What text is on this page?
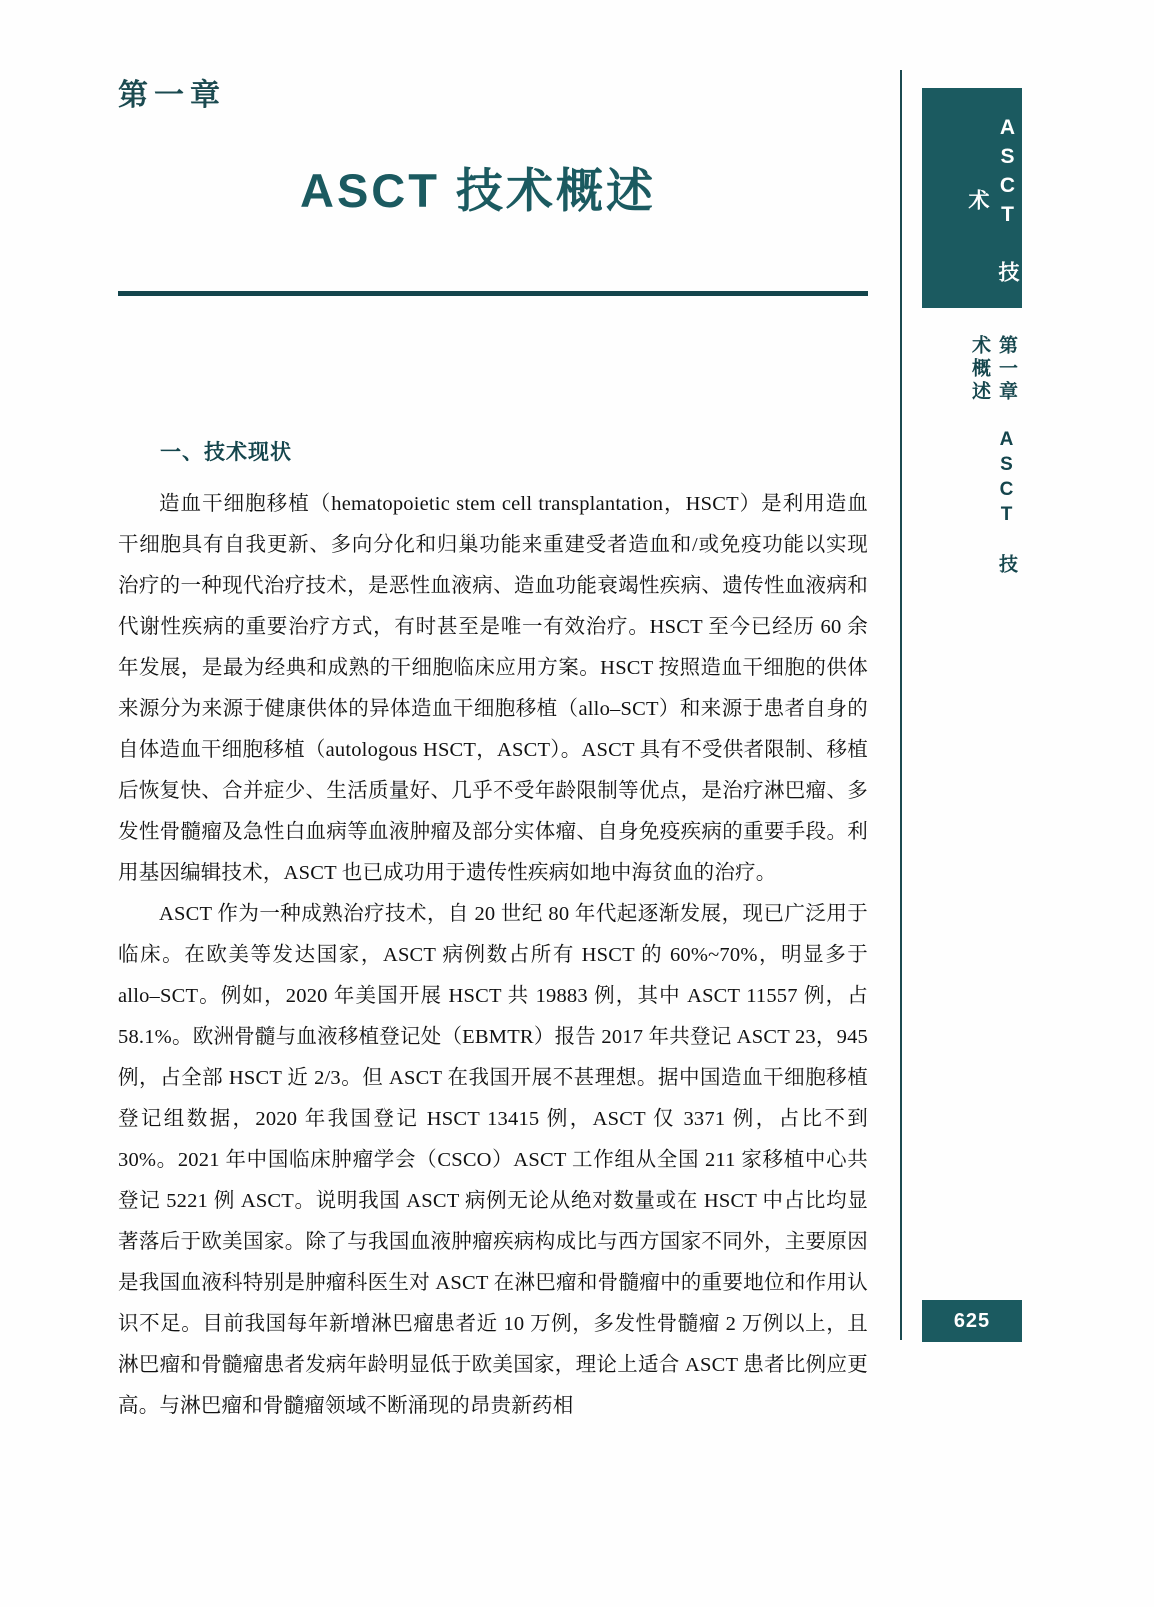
第一章
ASCT 技术概述
一、技术现状

造血干细胞移植（hematopoietic stem cell transplantation，HSCT）是利用造血干细胞具有自我更新、多向分化和归巢功能来重建受者造血和/或免疫功能以实现治疗的一种现代治疗技术，是恶性血液病、造血功能衰竭性疾病、遗传性血液病和代谢性疾病的重要治疗方式，有时甚至是唯一有效治疗。HSCT 至今已经历 60 余年发展，是最为经典和成熟的干细胞临床应用方案。HSCT 按照造血干细胞的供体来源分为来源于健康供体的异体造血干细胞移植（allo–SCT）和来源于患者自身的自体造血干细胞移植（autologous HSCT，ASCT）。ASCT 具有不受供者限制、移植后恢复快、合并症少、生活质量好、几乎不受年龄限制等优点，是治疗淋巴瘤、多发性骨髓瘤及急性白血病等血液肿瘤及部分实体瘤、自身免疫疾病的重要手段。利用基因编辑技术，ASCT 也已成功用于遗传性疾病如地中海贫血的治疗。

ASCT 作为一种成熟治疗技术，自 20 世纪 80 年代起逐渐发展，现已广泛用于临床。在欧美等发达国家，ASCT 病例数占所有 HSCT 的 60%~70%，明显多于 allo–SCT。例如，2020 年美国开展 HSCT 共 19883 例，其中 ASCT 11557 例，占 58.1%。欧洲骨髓与血液移植登记处（EBMTR）报告 2017 年共登记 ASCT 23，945 例，占全部 HSCT 近 2/3。但 ASCT 在我国开展不甚理想。据中国造血干细胞移植登记组数据，2020 年我国登记 HSCT 13415 例，ASCT 仅 3371 例，占比不到 30%。2021 年中国临床肿瘤学会（CSCO）ASCT 工作组从全国 211 家移植中心共登记 5221 例 ASCT。说明我国 ASCT 病例无论从绝对数量或在 HSCT 中占比均显著落后于欧美国家。除了与我国血液肿瘤疾病构成比与西方国家不同外，主要原因是我国血液科特别是肿瘤科医生对 ASCT 在淋巴瘤和骨髓瘤中的重要地位和作用认识不足。目前我国每年新增淋巴瘤患者近 10 万例，多发性骨髓瘤 2 万例以上，且淋巴瘤和骨髓瘤患者发病年龄明显低于欧美国家，理论上适合 ASCT 患者比例应更高。与淋巴瘤和骨髓瘤领域不断涌现的昂贵新药相

ASCT 技术
第一章 ASCT 技术概述
625
